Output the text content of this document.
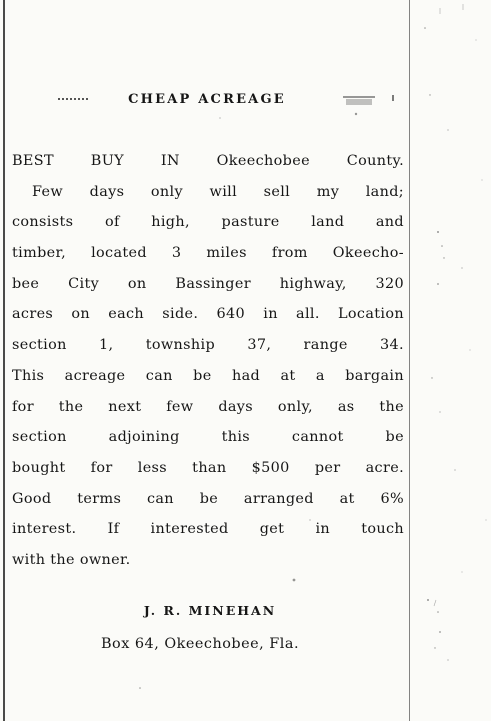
CHEAP ACREAGE
BEST BUY IN Okeechobee County.
Few days only will sell my land;
consists of high, pasture land and
timber, located 3 miles from Okeecho-
bee City on Bassinger highway, 320
acres on each side. 640 in all. Location
section 1, township 37, range 34.
This acreage can be had at a bargain
for the next few days only, as the
section adjoining this cannot be
bought for less than $500 per acre.
Good terms can be arranged at 6%
interest. If interested get in touch
with the owner.
J. R. MINEHAN
Box 64, Okeechobee, Fla.
